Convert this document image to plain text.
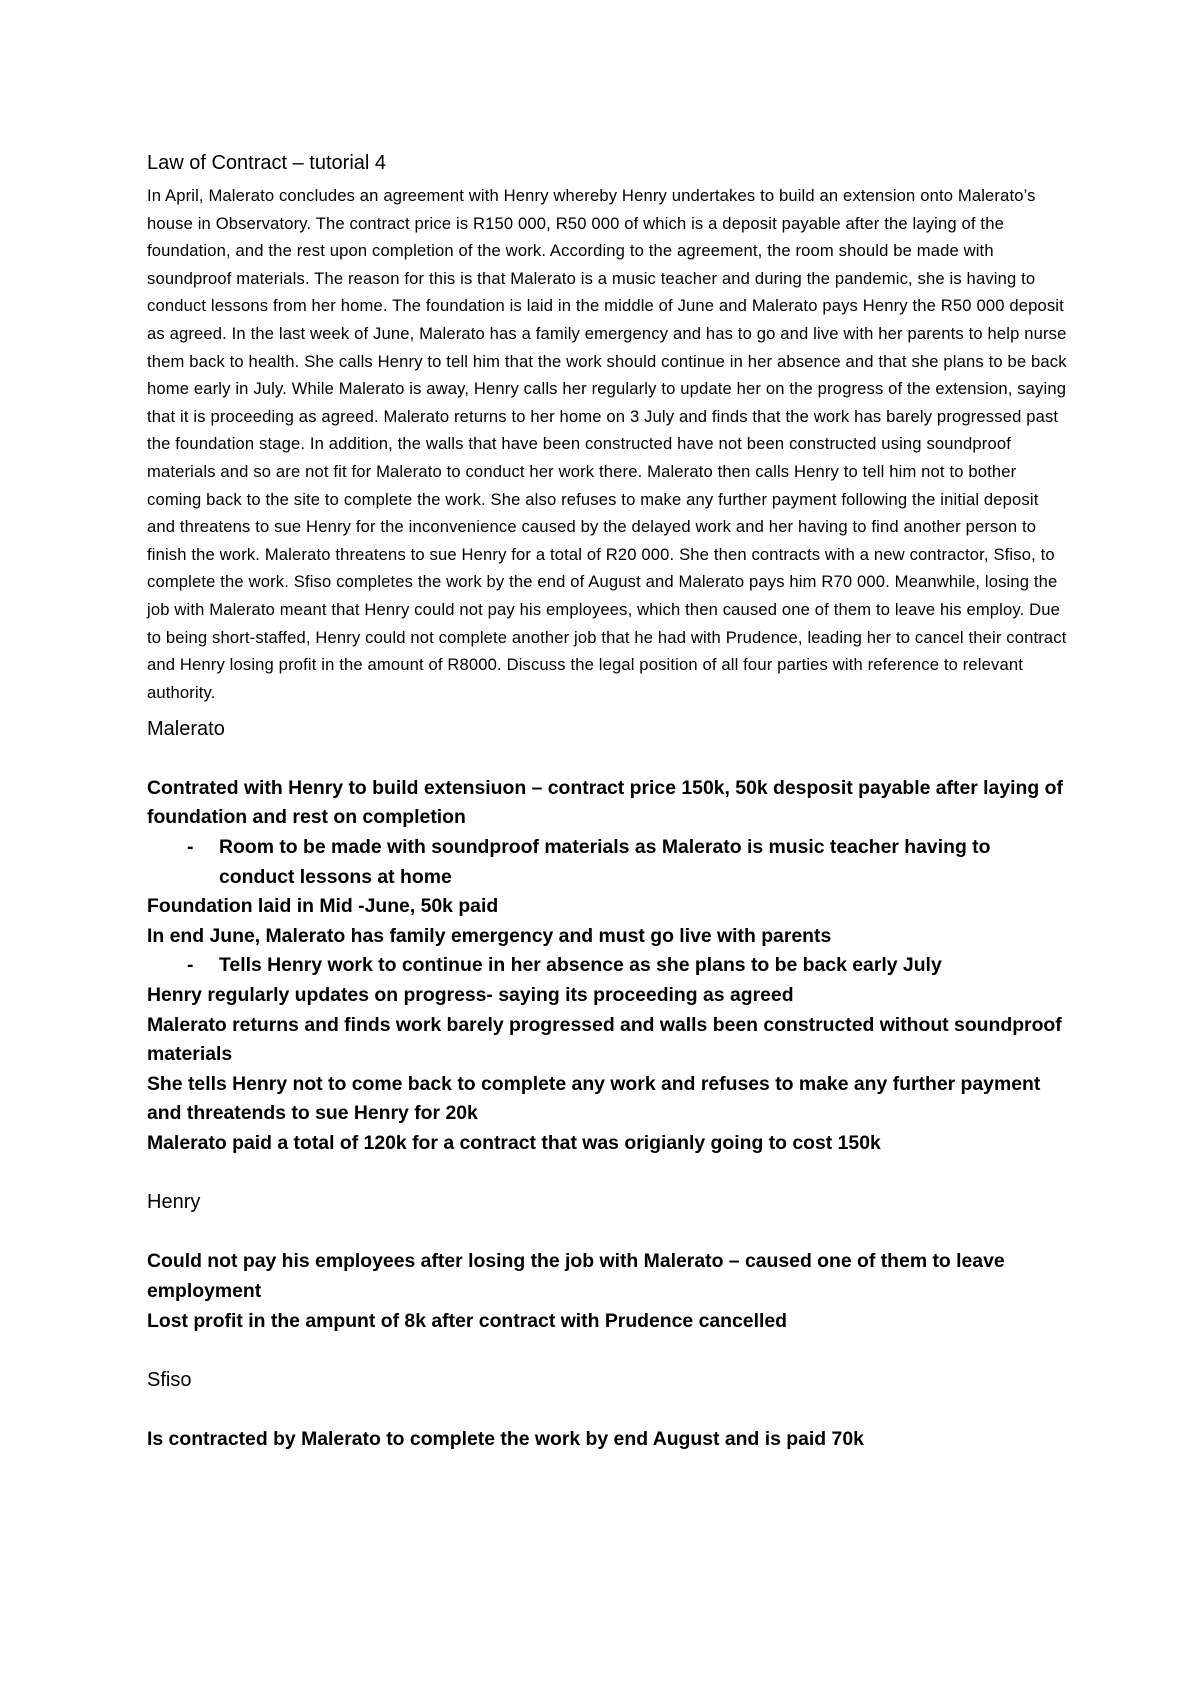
Law of Contract – tutorial 4

In April, Malerato concludes an agreement with Henry whereby Henry undertakes to build an extension onto Malerato’s house in Observatory. The contract price is R150 000, R50 000 of which is a deposit payable after the laying of the foundation, and the rest upon completion of the work. According to the agreement, the room should be made with soundproof materials. The reason for this is that Malerato is a music teacher and during the pandemic, she is having to conduct lessons from her home. The foundation is laid in the middle of June and Malerato pays Henry the R50 000 deposit as agreed. In the last week of June, Malerato has a family emergency and has to go and live with her parents to help nurse them back to health. She calls Henry to tell him that the work should continue in her absence and that she plans to be back home early in July. While Malerato is away, Henry calls her regularly to update her on the progress of the extension, saying that it is proceeding as agreed. Malerato returns to her home on 3 July and finds that the work has barely progressed past the foundation stage. In addition, the walls that have been constructed have not been constructed using soundproof materials and so are not fit for Malerato to conduct her work there. Malerato then calls Henry to tell him not to bother coming back to the site to complete the work. She also refuses to make any further payment following the initial deposit and threatens to sue Henry for the inconvenience caused by the delayed work and her having to find another person to finish the work. Malerato threatens to sue Henry for a total of R20 000. She then contracts with a new contractor, Sfiso, to complete the work. Sfiso completes the work by the end of August and Malerato pays him R70 000. Meanwhile, losing the job with Malerato meant that Henry could not pay his employees, which then caused one of them to leave his employ. Due to being short-staffed, Henry could not complete another job that he had with Prudence, leading her to cancel their contract and Henry losing profit in the amount of R8000. Discuss the legal position of all four parties with reference to relevant authority.

Malerato

Contrated with Henry to build extensiuon – contract price 150k, 50k desposit payable after laying of foundation and rest on completion

- Room to be made with soundproof materials as Malerato is music teacher having to conduct lessons at home

Foundation laid in Mid -June, 50k paid

In end June, Malerato has family emergency and must go live with parents

- Tells Henry work to continue in her absence as she plans to be back early July

Henry regularly updates on progress- saying its proceeding as agreed

Malerato returns and finds work barely progressed and walls been constructed without soundproof materials

She tells Henry not to come back to complete any work and refuses to make any further payment and threatends to sue Henry for 20k

Malerato paid a total of 120k for a contract that was origianly going to cost 150k

Henry

Could not pay his employees after losing the job with Malerato – caused one of them to leave employment

Lost profit in the ampunt of 8k after contract with Prudence cancelled

Sfiso

Is contracted by Malerato to complete the work by end August and is paid 70k
